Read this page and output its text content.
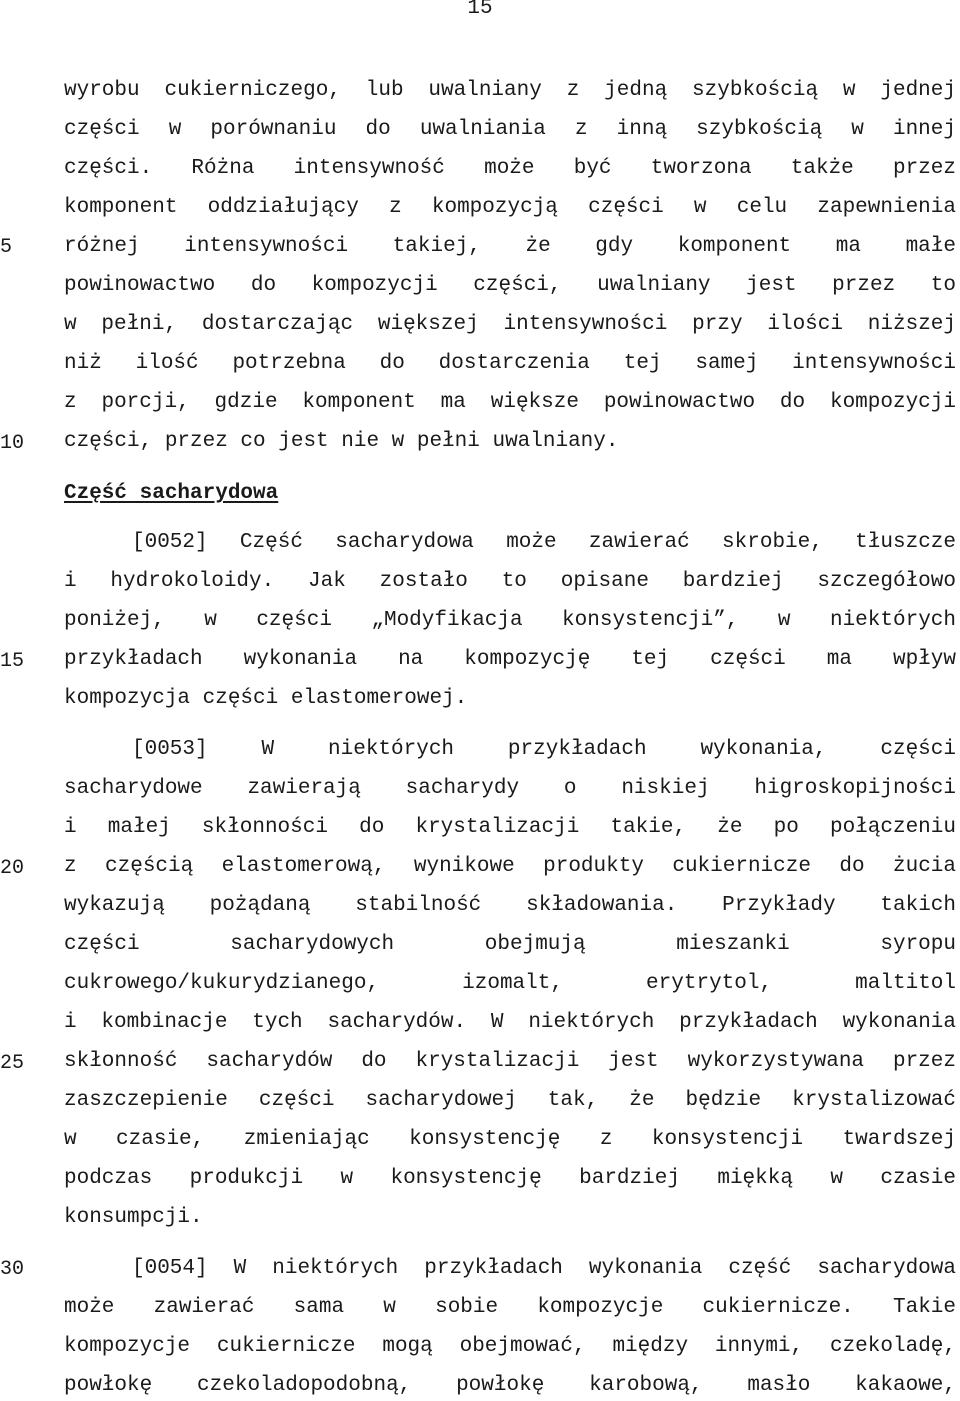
15
5
10
15
20
25
30
wyrobu cukierniczego, lub uwalniany z jedną szybkością w jednej
części w porównaniu do uwalniania z inną szybkością w innej
części. Różna intensywność może być tworzona także przez
komponent oddziałujący z kompozycją części w celu zapewnienia
różnej intensywności takiej, że gdy komponent ma małe
powinowactwo do kompozycji części, uwalniany jest przez to
w pełni, dostarczając większej intensywności przy ilości niższej
niż ilość potrzebna do dostarczenia tej samej intensywności
z porcji, gdzie komponent ma większe powinowactwo do kompozycji
części, przez co jest nie w pełni uwalniany.
Część sacharydowa
[0052] Część sacharydowa może zawierać skrobie, tłuszcze
i hydrokoloidy. Jak zostało to opisane bardziej szczegółowo
poniżej, w części „Modyfikacja konsystencji”, w niektórych
przykładach wykonania na kompozycję tej części ma wpływ
kompozycja części elastomerowej.
[0053] W niektórych przykładach wykonania, części
sacharydowe zawierają sacharydy o niskiej higroskopijności
i małej skłonności do krystalizacji takie, że po połączeniu
z częścią elastomerową, wynikowe produkty cukiernicze do żucia
wykazują pożądaną stabilność składowania. Przykłady takich
części sacharydowych obejmują mieszanki syropu
cukrowego/kukurydzianego, izomalt, erytrytol, maltitol
i kombinacje tych sacharydów. W niektórych przykładach wykonania
skłonność sacharydów do krystalizacji jest wykorzystywana przez
zaszczepienie części sacharydowej tak, że będzie krystalizować
w czasie, zmieniając konsystencję z konsystencji twardszej
podczas produkcji w konsystencję bardziej miękką w czasie
konsumpcji.
[0054] W niektórych przykładach wykonania część sacharydowa
może zawierać sama w sobie kompozycje cukiernicze. Takie
kompozycje cukiernicze mogą obejmować, między innymi, czekoladę,
powłokę czekoladopodobną, powłokę karobową, masło kakaowe,
